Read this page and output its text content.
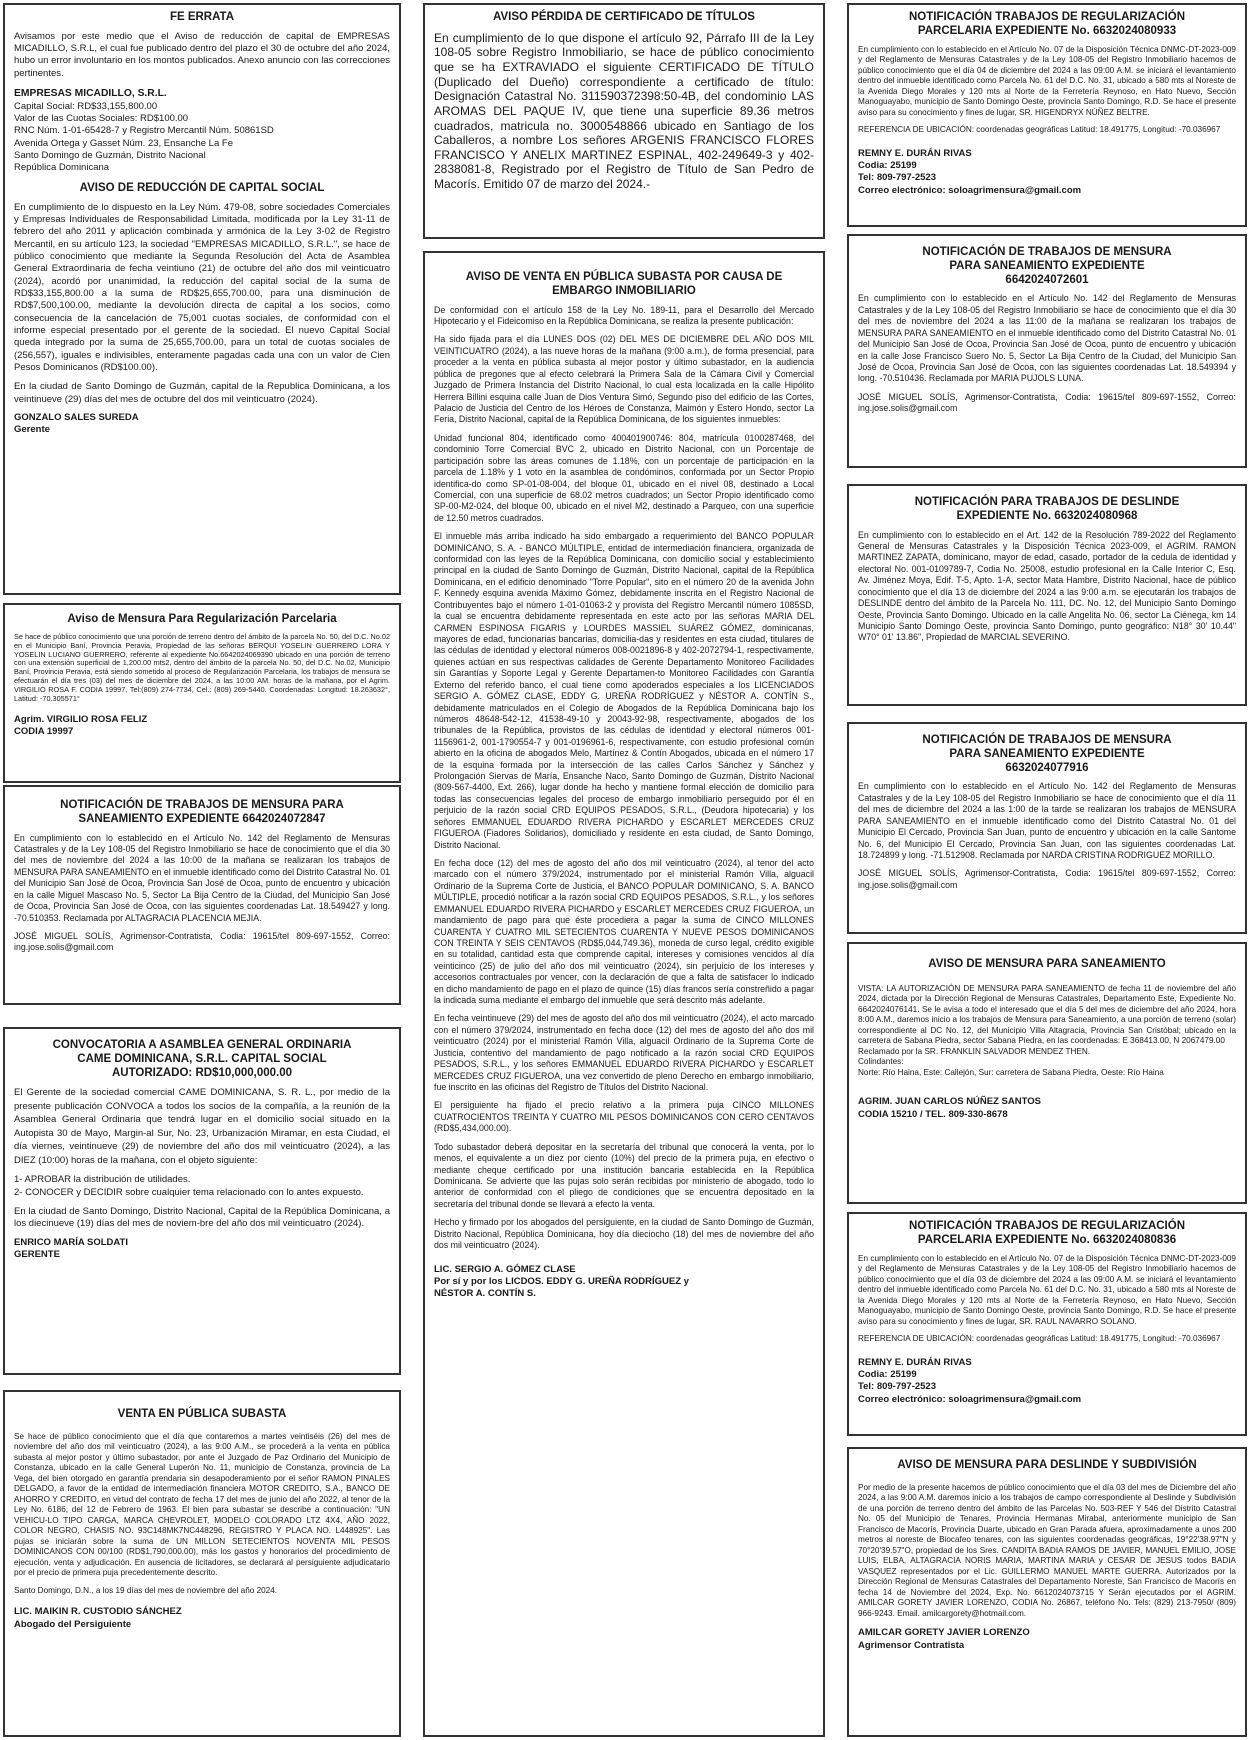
FE ERRATA

Avisamos por este medio que el Aviso de reducción de capital de EMPRESAS MICADILLO, S.R.L, el cual fue publicado dentro del plazo el 30 de octubre del año 2024, hubo un error involuntario en los montos publicados. Anexo anuncio con las correcciones pertinentes.

EMPRESAS MICADILLO, S.R.L.

Capital Social: RD$33,155,800.00

Valor de las Cuotas Sociales: RD$100.00

RNC Núm. 1-01-65428-7 y Registro Mercantil Núm. 50861SD

Avenida Ortega y Gasset Núm. 23, Ensanche La Fe

Santo Domingo de Guzmán, Distrito Nacional

República Dominicana

AVISO DE REDUCCIÓN DE CAPITAL SOCIAL

En cumplimiento de lo dispuesto en la Ley Núm. 479-08, sobre sociedades Comerciales y Empresas Individuales de Responsabilidad Limitada, modificada por la Ley 31-11 de febrero del año 2011 y aplicación combinada y armónica de la Ley 3-02 de Registro Mercantil, en su artículo 123, la sociedad "EMPRESAS MICADILLO, S.R.L.", se hace de público conocimiento que mediante la Segunda Resolución del Acta de Asamblea General Extraordinaria de fecha veintiuno (21) de octubre del año dos mil veinticuatro (2024), acordó por unanimidad, la reducción del capital social de la suma de RD$33,155,800.00 a la suma de RD$25,655,700.00, para una disminución de RD$7,500,100.00, mediante la devolución directa de capital a los socios, como consecuencia de la cancelación de 75,001 cuotas sociales, de conformidad con el informe especial presentado por el gerente de la sociedad. El nuevo Capital Social queda integrado por la suma de 25,655,700.00, para un total de cuotas sociales de (256,557), iguales e indivisibles, enteramente pagadas cada una con un valor de Cien Pesos Dominicanos (RD$100.00).

En la ciudad de Santo Domingo de Guzmán, capital de la Republica Dominicana, a los veintinueve (29) días del mes de octubre del dos mil veinticuatro (2024).

GONZALO SALES SUREDA

Gerente

Aviso de Mensura Para Regularización Parcelaria

Se hace de público conocimiento que una porción de terreno dentro del ámbito de la parcela No. 50, del D.C. No.02 en el Municipio Baní, Provincia Peravia, Propiedad de las señoras BERQUI YOSELIN GUERRERO LORA Y YOSELIN LUCIANO GUERRERO, referente al expediente No.6642024069390 ubicado en una porción de terreno con una extensión superficial de 1,200.00 mts2, dentro del ámbito de la parcela No. 50, del D.C. No.02, Municipio Baní, Provincia Peravia, está siendo sometido al proceso de Regularización Parcelaria, los trabajos de mensura se efectuarán el día tres (03) del mes de diciembre del 2024, a las 10:00 AM. horas de la mañana, por el Agrim. VIRGILIO ROSA F. CODIA 19997, Tel:(809) 274-7734, Cel.: (809) 269-5440. Coordenadas: Longitud: 18.263632°, Latitud: -70.305571°

Agrim. VIRGILIO ROSA FELIZ

CODIA 19997

NOTIFICACIÓN DE TRABAJOS DE MENSURA PARA SANEAMIENTO EXPEDIENTE 6642024072847

En cumplimiento con lo establecido en el Artículo No. 142 del Reglamento de Mensuras Catastrales y de la Ley 108-05 del Registro Inmobiliario se hace de conocimiento que el día 30 del mes de noviembre del 2024 a las 10:00 de la mañana se realizaran los trabajos de MENSURA PARA SANEAMIENTO en el inmueble identificado como del Distrito Catastral No. 01 del Municipio San José de Ocoa, Provincia San José de Ocoa, punto de encuentro y ubicación en la calle Miguel Mascaso No. 5, Sector La Bija Centro de la Ciudad, del Municipio San José de Ocoa, Provincia San José de Ocoa, con las siguientes coordenadas Lat. 18.549427 y long. -70.510353. Reclamada por ALTAGRACIA PLACENCIA MEJIA.

JOSÉ MIGUEL SOLÍS, Agrimensor-Contratista, Codia: 19615/tel 809-697-1552, Correo: ing.jose.solis@gmail.com

CONVOCATORIA A ASAMBLEA GENERAL ORDINARIA CAME DOMINICANA, S.R.L. CAPITAL SOCIAL AUTORIZADO: RD$10,000,000.00

El Gerente de la sociedad comercial CAME DOMINICANA, S. R. L., por medio de la presente publicación CONVOCA a todos los socios de la compañía, a la reunión de la Asamblea General Ordinaria que tendrá lugar en el domicilio social situado en la Autopista 30 de Mayo, Margin-al Sur, No. 23, Urbanización Miramar, en esta Ciudad, el día viernes, veintinueve (29) de noviembre del año dos mil veinticuatro (2024), a las DIEZ (10:00) horas de la mañana, con el objeto siguiente:

1- APROBAR la distribución de utilidades.

2- CONOCER y DECIDIR sobre cualquier tema relacionado con lo antes expuesto.

En la ciudad de Santo Domingo, Distrito Nacional, Capital de la República Dominicana, a los diecinueve (19) días del mes de noviem-bre del año dos mil veinticuatro (2024).

ENRICO MARÍA SOLDATI

GERENTE

VENTA EN PÚBLICA SUBASTA

Se hace de público conocimiento que el día que contaremos a martes veintiséis (26) del mes de noviembre del año dos mil veinticuatro (2024), a las 9:00 A.M., se procederá a la venta en pública subasta al mejor postor y último subastador, por ante el Juzgado de Paz Ordinario del Municipio de Constanza, ubicado en la calle General Luperón No. 11, municipio de Constanza, provincia de La Vega, del bien otorgado en garantía prendaria sin desapoderamiento por el señor RAMON PINALES DELGADO, a favor de la entidad de intermediación financiera MOTOR CREDITO, S.A., BANCO DE AHORRO Y CREDITO, en virtud del contrato de fecha 17 del mes de junio del año 2022, al tenor de la Ley No. 6186, del 12 de Febrero de 1963. El bien para subastar se describe a continuación: "UN VEHICU-LO TIPO CARGA, MARCA CHEVROLET, MODELO COLORADO LTZ 4X4, AÑO 2022, COLOR NEGRO, CHASIS NO. 93C148MK7NC448296, REGISTRO Y PLACA NO. L448925". Las pujas se iniciarán sobre la suma de UN MILLON SETECIENTOS NOVENTA MIL PESOS DOMINICANOS CON 00/100 (RD$1,790,000.00), más los gastos y honorarios del procedimiento de ejecución, venta y adjudicación. En ausencia de licitadores, se declarará al persiguiente adjudicatario por el precio de primera puja precedentemente descrito.

Santo Domingo, D.N., a los 19 días del mes de noviembre del año 2024.

LIC. MAIKIN R. CUSTODIO SÁNCHEZ

Abogado del Persiguiente

AVISO PÉRDIDA DE CERTIFICADO DE TÍTULOS

En cumplimiento de lo que dispone el artículo 92, Párrafo III de la Ley 108-05 sobre Registro Inmobiliario, se hace de público conocimiento que se ha EXTRAVIADO el siguiente CERTIFICADO DE TÍTULO (Duplicado del Dueño) correspondiente a certificado de título: Designación Catastral No. 311590372398:50-4B, del condominio LAS AROMAS DEL PAQUE IV, que tiene una superficie 89.36 metros cuadrados, matricula no. 3000548866 ubicado en Santiago de los Caballeros, a nombre Los señores ARGENIS FRANCISCO FLORES FRANCISCO Y ANELIX MARTINEZ ESPINAL, 402-249649-3 y 402-2838081-8, Registrado por el Registro de Título de San Pedro de Macorís. Emitido 07 de marzo del 2024.-

AVISO DE VENTA EN PÚBLICA SUBASTA POR CAUSA DE EMBARGO INMOBILIARIO

De conformidad con el artículo 158 de la Ley No. 189-11, para el Desarrollo del Mercado Hipotecario y el Fideicomiso en la República Dominicana, se realiza la presente publicación:

Ha sido fijada para el día LUNES DOS (02) DEL MES DE DICIEMBRE DEL AÑO DOS MIL VEINTICUATRO (2024), a las nueve horas de la mañana (9:00 a.m.), de forma presencial, para proceder a la venta en pública subasta al mejor postor y último subastador, en la audiencia pública de pregones que al efecto celebrará la Primera Sala de la Cámara Civil y Comercial Juzgado de Primera Instancia del Distrito Nacional, lo cual esta localizada en la calle Hipólito Herrera Billini esquina calle Juan de Dios Ventura Simó, Segundo piso del edificio de las Cortes, Palacio de Justicia del Centro de los Héroes de Constanza, Maimón y Estero Hondo, sector La Feria, Distrito Nacional, capital de la República Dominicana, de los siguientes inmuebles:

Unidad funcional 804, identificado como 400401900746: 804, matrícula 0100287468, del condominio Torre Comercial BVC 2, ubicado en Distrito Nacional, con un Porcentaje de participación sobre las áreas comunes de 1.18%, con un porcentaje de participación en la parcela de 1.18% y 1 voto en la asamblea de condóminos, conformada por un Sector Propio identifica-do como SP-01-08-004, del bloque 01, ubicado en el nivel 08, destinado a Local Comercial, con una superficie de 68.02 metros cuadrados; un Sector Propio identificado como SP-00-M2-024, del bloque 00, ubicado en el nivel M2, destinado a Parqueo, con una superficie de 12.50 metros cuadrados.

El inmueble más arriba indicado ha sido embargado a requerimiento del BANCO POPULAR DOMINICANO, S. A. - BANCO MÚLTIPLE, entidad de intermediación financiera, organizada de conformidad con las leyes de la República Dominicana, con domicilio social y establecimiento principal en la ciudad de Santo Domingo de Guzmán, Distrito Nacional, capital de la República Dominicana, en el edificio denominado "Torre Popular", sito en el número 20 de la avenida John F. Kennedy esquina avenida Máximo Gómez, debidamente inscrita en el Registro Nacional de Contribuyentes bajo el número 1-01-01063-2 y provista del Registro Mercantil número 1085SD, la cual se encuentra debidamente representada en este acto por las señoras MARIA DEL CARMEN ESPINOSA FIGARIS y LOURDES MASSIEL SUÁREZ GÓMEZ, dominicanas, mayores de edad, funcionarias bancarias, domicilia-das y residentes en esta ciudad, titulares de las cédulas de identidad y electoral números 008-0021896-8 y 402-2072794-1, respectivamente, quienes actúan en sus respectivas calidades de Gerente Departamento Monitoreo Facilidades sin Garantías y Soporte Legal y Gerente Departamen-to Monitoreo Facilidades con Garantía Externo del referido banco, el cual tiene como apoderados especiales a los LICENCIADOS SERGIO A. GÓMEZ CLASE, EDDY G. UREÑA RODRÍGUEZ y NÉSTOR A. CONTÍN S., debidamente matriculados en el Colegio de Abogados de la República Dominicana bajo los números 48648-542-12, 41538-49-10 y 20043-92-98, respectivamente, abogados de los tribunales de la República, provistos de las cédulas de identidad y electoral números 001-1156961-2, 001-1790554-7 y 001-0196961-6, respectivamente, con estudio profesional común abierto en la oficina de abogados Melo, Martínez & Contín Abogados, ubicada en el número 17 de la esquina formada por la intersección de las calles Carlos Sánchez y Sánchez y Prolongación Siervas de María, Ensanche Naco, Santo Domingo de Guzmán, Distrito Nacional (809-567-4400, Ext. 266), lugar donde ha hecho y mantiene formal elección de domicilio para todas las consecuencias legales del proceso de embargo inmobiliario perseguido por él en perjuicio de la razón social CRD EQUIPOS PESADOS, S.R.L., (Deudora hipotecaria) y los señores EMMANUEL EDUARDO RIVERA PICHARDO y ESCARLET MERCEDES CRUZ FIGUEROA (Fiadores Solidarios), domiciliado y residente en esta ciudad, de Santo Domingo, Distrito Nacional.

En fecha doce (12) del mes de agosto del año dos mil veinticuatro (2024), al tenor del acto marcado con el número 379/2024, instrumentado por el ministerial Ramón Villa, alguacil Ordinario de la Suprema Corte de Justicia, el BANCO POPULAR DOMINICANO, S. A. BANCO MÚLTIPLE, procedió notificar a la razón social CRD EQUIPOS PESADOS, S.R.L., y los señores EMMANUEL EDUARDO RIVERA PICHARDO y ESCARLET MERCEDES CRUZ FIGUEROA, un mandamiento de pago para que éste procediera a pagar la suma de CINCO MILLONES CUARENTA Y CUATRO MIL SETECIENTOS CUARENTA Y NUEVE PESOS DOMINICANOS CON TREINTA Y SEIS CENTAVOS (RD$5,044,749.36), moneda de curso legal, crédito exigible en su totalidad, cantidad esta que comprende capital, intereses y comisiones vencidos al día veinticinco (25) de julio del año dos mil veinticuatro (2024), sin perjuicio de los intereses y accesorios contractuales por vencer, con la declaración de que a falta de satisfacer lo indicado en dicho mandamiento de pago en el plazo de quince (15) días francos sería constreñido a pagar la indicada suma mediante el embargo del inmueble que será descrito más adelante.

En fecha veintinueve (29) del mes de agosto del año dos mil veinticuatro (2024), el acto marcado con el número 379/2024, instrumentado en fecha doce (12) del mes de agosto del año dos mil veinticuatro (2024) por el ministerial Ramón Villa, alguacil Ordinario de la Suprema Corte de Justicia, contentivo del mandamiento de pago notificado a la razón social CRD EQUIPOS PESADOS, S.R.L., y los señores EMMANUEL EDUARDO RIVERA PICHARDO y ESCARLET MERCEDES CRUZ FIGUEROA, una vez convertido de pleno Derecho en embargo inmobiliario, fue inscrito en las oficinas del Registro de Títulos del Distrito Nacional.

El persiguiente ha fijado el precio relativo a la primera puja CINCO MILLONES CUATROCIENTOS TREINTA Y CUATRO MIL PESOS DOMINICANOS CON CERO CENTAVOS (RD$5,434,000.00).

Todo subastador deberá depositar en la secretaría del tribunal que conocerá la venta, por lo menos, el equivalente a un diez por ciento (10%) del precio de la primera puja, en efectivo o mediante cheque certificado por una institución bancaria establecida en la República Dominicana. Se advierte que las pujas solo serán recibidas por ministerio de abogado, todo lo anterior de conformidad con el pliego de condiciones que se encuentra depositado en la secretaría del tribunal donde se llevará a efecto la venta.

Hecho y firmado por los abogados del persiguiente, en la ciudad de Santo Domingo de Guzmán, Distrito Nacional, República Dominicana, hoy día dieciocho (18) del mes de noviembre del año dos mil veinticuatro (2024).

LIC. SERGIO A. GÓMEZ CLASE

Por sí y por los LICDOS. EDDY G. UREÑA RODRÍGUEZ y

NÉSTOR A. CONTÍN S.

NOTIFICACIÓN TRABAJOS DE REGULARIZACIÓN PARCELARIA EXPEDIENTE No. 6632024080933

En cumplimiento con lo establecido en el Artículo No. 07 de la Disposición Técnica DNMC-DT-2023-009 y del Reglamento de Mensuras Catastrales y de la Ley 108-05 del Registro Inmobiliario hacemos de público conocimiento que el día 04 de diciembre del 2024 a las 09:00 A.M. se iniciará el levantamiento dentro del inmueble identificado como Parcela No. 61 del D.C. No. 31, ubicado a 580 mts al Noreste de la Avenida Diego Morales y 120 mts al Norte de la Ferretería Reynoso, en Hato Nuevo, Sección Manoguayabo, municipio de Santo Domingo Oeste, provincia Santo Domingo, R.D. Se hace el presente aviso para su conocimiento y fines de lugar, SR. HIGENDRYX NÚÑEZ BELTRE.

REFERENCIA DE UBICACIÓN: coordenadas geográficas Latitud: 18.491775, Longitud: -70.036967

REMNY E. DURÁN RIVAS

Codia: 25199

Tel: 809-797-2523

Correo electrónico: soloagrimensura@gmail.com

NOTIFICACIÓN DE TRABAJOS DE MENSURA PARA SANEAMIENTO EXPEDIENTE 6642024072601

En cumplimiento con lo establecido en el Artículo No. 142 del Reglamento de Mensuras Catastrales y de la Ley 108-05 del Registro Inmobiliario se hace de conocimiento que el día 30 del mes de noviembre del 2024 a las 11:00 de la mañana se realizaran los trabajos de MENSURA PARA SANEAMIENTO en el inmueble identificado como del Distrito Catastral No. 01 del Municipio San José de Ocoa, Provincia San José de Ocoa, punto de encuentro y ubicación en la calle Jose Francisco Suero No. 5, Sector La Bija Centro de la Ciudad, del Municipio San José de Ocoa, Provincia San José de Ocoa, con las siguientes coordenadas Lat. 18.549394 y long. -70.510436. Reclamada por MARIA PUJOLS LUNA.

JOSÉ MIGUEL SOLÍS, Agrimensor-Contratista, Codia: 19615/tel 809-697-1552, Correo: ing.jose.solis@gmail.com

NOTIFICACIÓN PARA TRABAJOS DE DESLINDE EXPEDIENTE No. 6632024080968

En cumplimiento con lo establecido en el Art. 142 de la Resolución 789-2022 del Reglamento General de Mensuras Catastrales y la Disposición Técnica 2023-009, el AGRIM. RAMON MARTINEZ ZAPATA, dominicano, mayor de edad, casado, portador de la cedula de identidad y electoral No. 001-0109789-7, Codia No. 25008, estudio profesional en la Calle Interior C, Esq. Av. Jiménez Moya, Edif. T-5, Apto. 1-A, sector Mata Hambre, Distrito Nacional, hace de público conocimiento que el día 13 de diciembre del 2024 a las 9:00 a.m. se ejecutarán los trabajos de DESLINDE dentro del ámbito de la Parcela No. 111, DC. No. 12, del Municipio Santo Domingo Oeste, Provincia Santo Domingo. Ubicado en la calle Angelita No. 06, sector La Ciénega, km 14 Municipio Santo Domingo Oeste, provincia Santo Domingo, punto geográfico: N18° 30' 10.44" W70° 01' 13.86", Propiedad de MARCIAL SEVERINO.

NOTIFICACIÓN DE TRABAJOS DE MENSURA PARA SANEAMIENTO EXPEDIENTE 6632024077916

En cumplimiento con lo establecido en el Artículo No. 142 del Reglamento de Mensuras Catastrales y de la Ley 108-05 del Registro Inmobiliario se hace de conocimiento que el día 11 del mes de diciembre del 2024 a las 1:00 de la tarde se realizaran los trabajos de MENSURA PARA SANEAMIENTO en el inmueble identificado como del Distrito Catastral No. 01 del Municipio El Cercado, Provincia San Juan, punto de encuentro y ubicación en la calle Santome No. 6, del Municipio El Cercado, Provincia San Juan, con las siguientes coordenadas Lat. 18.724899 y long. -71.512908. Reclamada por NARDA CRISTINA RODRIGUEZ MORILLO.

JOSÉ MIGUEL SOLÍS, Agrimensor-Contratista, Codia: 19615/tel 809-697-1552, Correo: ing.jose.solis@gmail.com

AVISO DE MENSURA PARA SANEAMIENTO

VISTA: LA AUTORIZACIÓN DE MENSURA PARA SANEAMIENTO de fecha 11 de noviembre del año 2024, dictada por la Dirección Regional de Mensuras Catastrales, Departamento Este, Expediente No. 6642024076141. Se le avisa a todo el interesado que el día 5 del mes de diciembre del año 2024, hora 8:00 A.M., daremos inicio a los trabajos de Mensura para Saneamiento, a una porción de terreno (solar) correspondiente al DC No. 12, del Municipio Villa Altagracia, Provincia San Cristóbal; ubicado en la carretera de Sabana Piedra, sector Sabana Piedra, en las coordenadas: E 368413.00, N 2067479.00

Reclamado por la SR. FRANKLIN SALVADOR MENDEZ THEN.

Colindantes:

Norte: Río Haina, Este: Callejón, Sur: carretera de Sabana Piedra, Oeste: Río Haina

AGRIM. JUAN CARLOS NÚÑEZ SANTOS

CODIA 15210 / TEL. 809-330-8678

NOTIFICACIÓN TRABAJOS DE REGULARIZACIÓN PARCELARIA EXPEDIENTE No. 6632024080836

En cumplimiento con lo establecido en el Artículo No. 07 de la Disposición Técnica DNMC-DT-2023-009 y del Reglamento de Mensuras Catastrales y de la Ley 108-05 del Registro Inmobiliario hacemos de público conocimiento que el día 03 de diciembre del 2024 a las 09:00 A.M. se iniciará el levantamiento dentro del inmueble identificado como Parcela No. 61 del D.C. No. 31, ubicado a 580 mts al Noreste de la Avenida Diego Morales y 120 mts al Norte de la Ferretería Reynoso, en Hato Nuevo, Sección Manoguayabo, municipio de Santo Domingo Oeste, provincia Santo Domingo, R.D. Se hace el presente aviso para su conocimiento y fines de lugar, SR. RAUL NAVARRO SOLANO.

REFERENCIA DE UBICACIÓN: coordenadas geográficas Latitud: 18.491775, Longitud: -70.036967

REMNY E. DURÁN RIVAS

Codia: 25199

Tel: 809-797-2523

Correo electrónico: soloagrimensura@gmail.com

AVISO DE MENSURA PARA DESLINDE Y SUBDIVISIÓN

Por medio de la presente hacemos de público conocimiento que el día 03 del mes de Diciembre del año 2024, a las 9:00 A.M. daremos inicio a los trabajos de campo correspondiente al Deslinde y Subdivisión de una porción de terreno dentro del ámbito de las Parcelas No. 503-REF Y 546 del Distrito Catastral No. 05 del Municipio de Tenares, Provincia Hermanas Mirabal, anteriormente municipio de San Francisco de Macorís, Provincia Duarte, ubicado en Gran Parada afuera, aproximadamente a unos 200 metros al noreste de Biocafeo tenares, con las siguientes coordenadas geográficas, 19°22'38.97"N y 70°20'39.57"O, propiedad de los Sres. CANDITA BADIA RAMOS DE JAVIER, MANUEL EMILIO, JOSE LUIS, ELBA, ALTAGRACIA NORIS MARIA, MARTINA MARIA y CESAR DE JESUS todos BADIA VASQUEZ representados por el Lic. GUILLERMO MANUEL MARTE GUERRA. Autorizados por la Dirección Regional de Mensuras Catastrales del Departamento Noreste, San Francisco de Macorís en fecha 14 de Noviembre del 2024, Exp. No. 6612024073715 Y Serán ejecutados por el AGRIM. AMILCAR GORETY JAVIER LORENZO, CODIA No. 26867, teléfono No. Tels: (829) 213-7950/ (809) 966-9243. Email. amilcargorety@hotmail.com.

AMILCAR GORETY JAVIER LORENZO

Agrimensor Contratista
